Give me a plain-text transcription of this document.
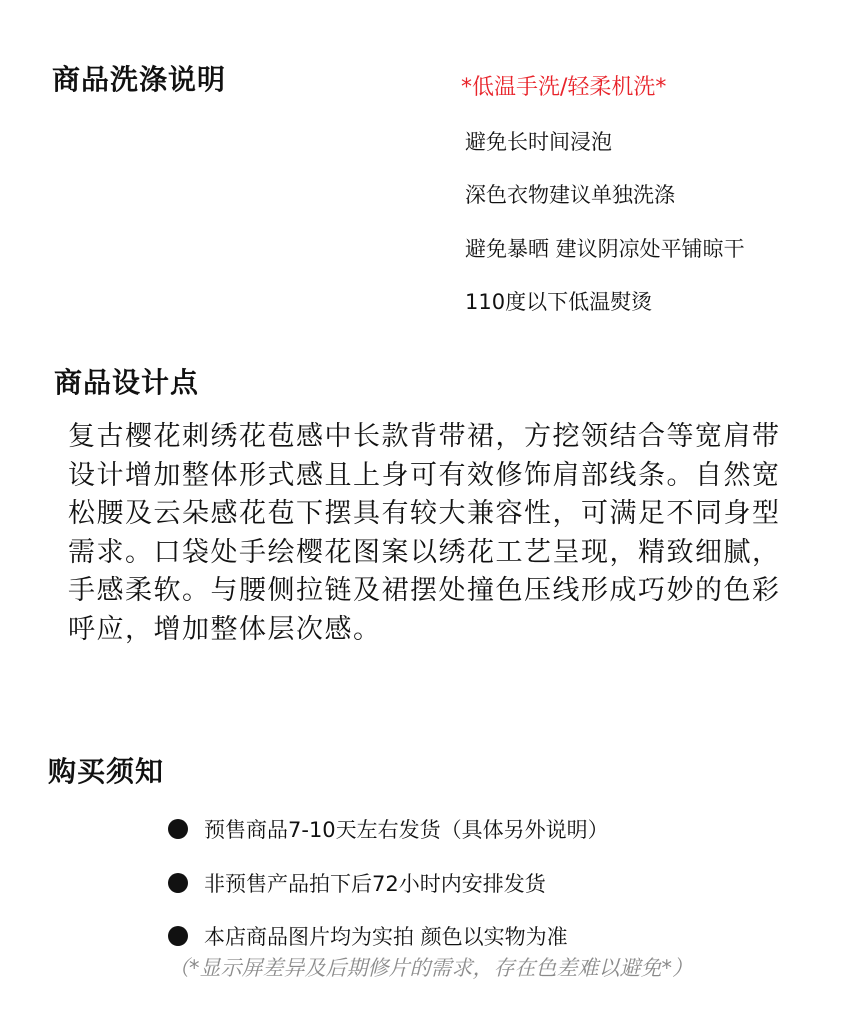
商品洗涤说明	*低温手洗/轻柔机洗*
避免长时间浸泡
深色衣物建议单独洗涤
避免暴晒 建议阴凉处平铺晾干
110度以下低温熨烫
商品设计点
复古樱花刺绣花苞感中长款背带裙，方挖领结合等宽肩带设计增加整体形式感且上身可有效修饰肩部线条。自然宽松腰及云朵感花苞下摆具有较大兼容性，可满足不同身型需求。口袋处手绘樱花图案以绣花工艺呈现，精致细腻，手感柔软。与腰侧拉链及裙摆处撞色压线形成巧妙的色彩呼应，增加整体层次感。
购买须知
预售商品7-10天左右发货（具体另外说明）
非预售产品拍下后72小时内安排发货
本店商品图片均为实拍 颜色以实物为准
（*显示屏差异及后期修片的需求，存在色差难以避免*）
